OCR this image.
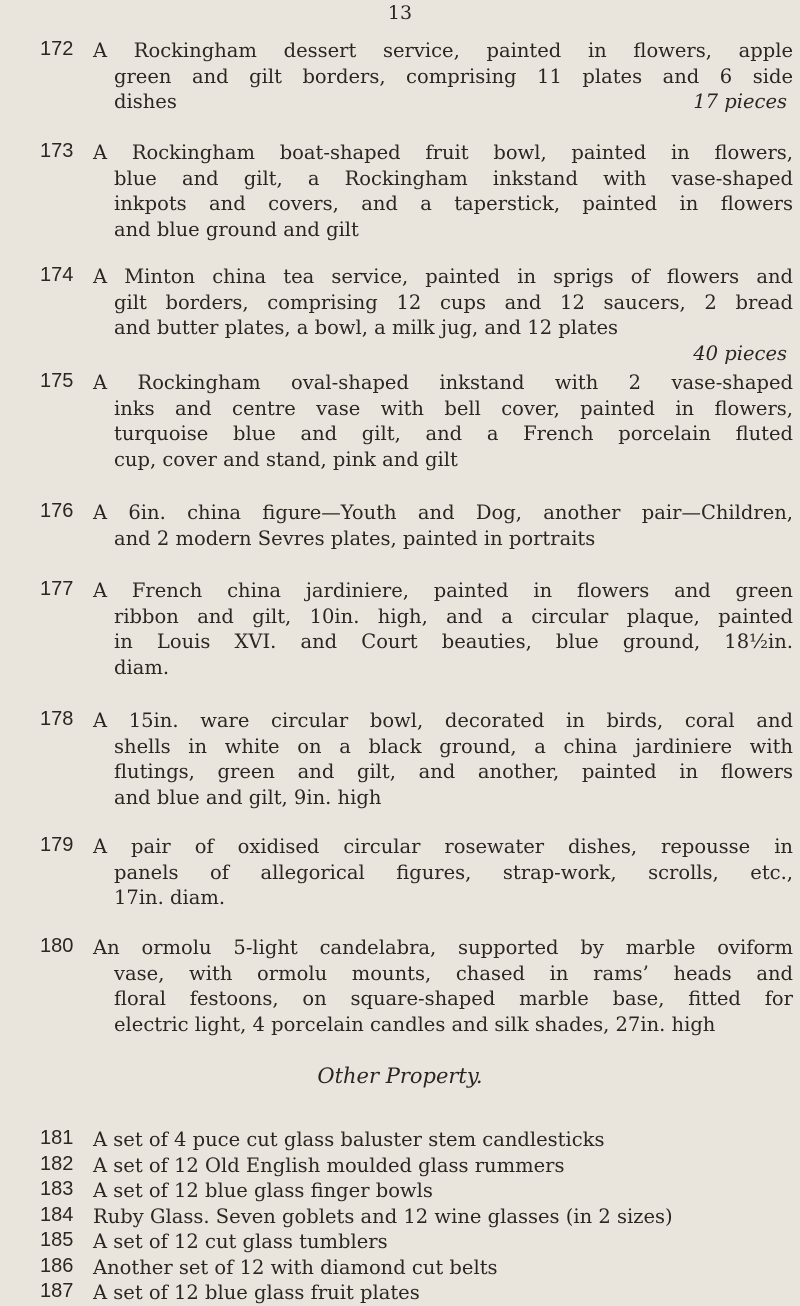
13
172 A Rockingham dessert service, painted in flowers, apple
green and gilt borders, comprising 11 plates and 6 side
dishes	17 pieces
173 A Rockingham boat-shaped fruit bowl, painted in flowers,
blue and gilt, a Rockingham inkstand with vase-shaped
inkpots and covers, and a taperstick, painted in flowers
and blue ground and gilt
174 A Minton china tea service, painted in sprigs of flowers and
gilt borders, comprising 12 cups and 12 saucers, 2 bread
and butter plates, a bowl, a milk jug, and 12 plates
40 pieces
175 A Rockingham oval-shaped inkstand with 2 vase-shaped
inks and centre vase with bell cover, painted in flowers,
turquoise blue and gilt, and a French porcelain fluted
cup, cover and stand, pink and gilt
176 A 6in. china figure—Youth and Dog, another pair—Children,
and 2 modern Sevres plates, painted in portraits
177 A French china jardiniere, painted in flowers and green
ribbon and gilt, 10in. high, and a circular plaque, painted
in Louis XVI. and Court beauties, blue ground, 18½in.
diam.
178 A 15in. ware circular bowl, decorated in birds, coral and
shells in white on a black ground, a china jardiniere with
flutings, green and gilt, and another, painted in flowers
and blue and gilt, 9in. high
179 A pair of oxidised circular rosewater dishes, repousse in
panels of allegorical figures, strap-work, scrolls, etc.,
17in. diam.
180 An ormolu 5-light candelabra, supported by marble oviform
vase, with ormolu mounts, chased in rams’ heads and
floral festoons, on square-shaped marble base, fitted for
electric light, 4 porcelain candles and silk shades, 27in. high
Other Property.
181 A set of 4 puce cut glass baluster stem candlesticks
182 A set of 12 Old English moulded glass rummers
183 A set of 12 blue glass finger bowls
184 Ruby Glass. Seven goblets and 12 wine glasses (in 2 sizes)
185 A set of 12 cut glass tumblers
186 Another set of 12 with diamond cut belts
187 A set of 12 blue glass fruit plates
